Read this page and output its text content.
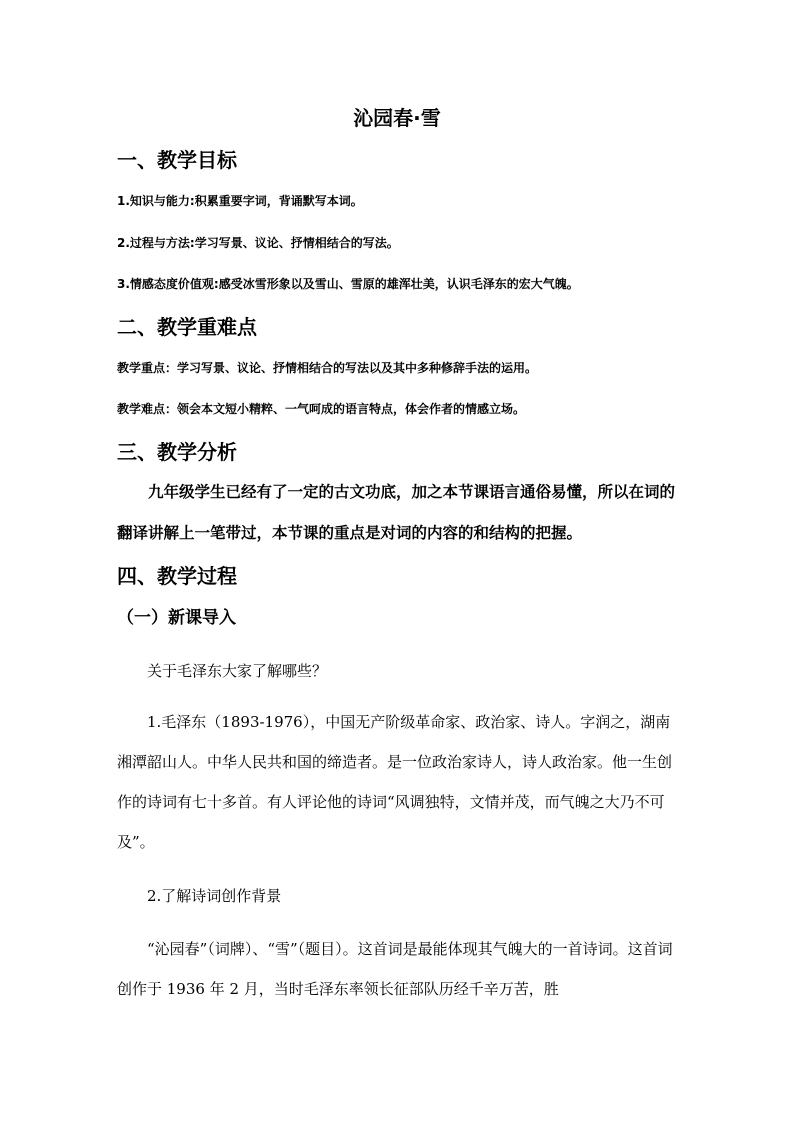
沁园春·雪
一、教学目标
1.知识与能力:积累重要字词，背诵默写本词。
2.过程与方法:学习写景、议论、抒情相结合的写法。
3.情感态度价值观:感受冰雪形象以及雪山、雪原的雄浑壮美，认识毛泽东的宏大气魄。
二、教学重难点
教学重点：学习写景、议论、抒情相结合的写法以及其中多种修辞手法的运用。
教学难点：领会本文短小精粹、一气呵成的语言特点，体会作者的情感立场。
三、教学分析
九年级学生已经有了一定的古文功底，加之本节课语言通俗易懂，所以在词的翻译讲解上一笔带过，本节课的重点是对词的内容的和结构的把握。
四、教学过程
（一）新课导入
关于毛泽东大家了解哪些？
1.毛泽东（1893-1976），中国无产阶级革命家、政治家、诗人。字润之，湖南湘潭韶山人。中华人民共和国的缔造者。是一位政治家诗人，诗人政治家。他一生创作的诗词有七十多首。有人评论他的诗词“风调独特，文情并茂，而气魄之大乃不可及”。
2.了解诗词创作背景
“沁园春”（词牌）、“雪”（题目）。这首词是最能体现其气魄大的一首诗词。这首词创作于 1936 年 2 月，当时毛泽东率领长征部队历经千辛万苦，胜
